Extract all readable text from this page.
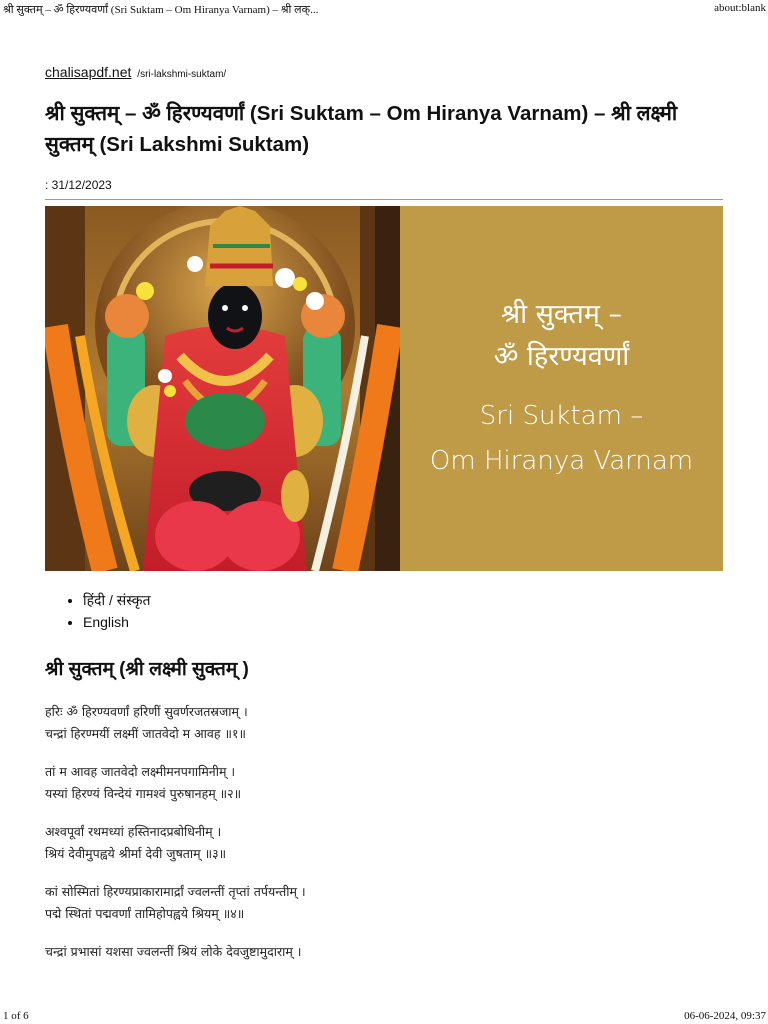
श्री सुक्तम् – ॐ हिरण्यवर्णां (Sri Suktam – Om Hiranya Varnam) – श्री लक्...	about:blank
chalisapdf.net /sri-lakshmi-suktam/
श्री सुक्तम् – ॐ हिरण्यवर्णां (Sri Suktam – Om Hiranya Varnam) – श्री लक्ष्मी सुक्तम् (Sri Lakshmi Suktam)
: 31/12/2023
श्री सुक्तम् –
ॐ हिरण्यवर्णां
Sri Suktam –
Om Hiranya Varnam
• हिंदी / संस्कृत
• English
श्री सुक्तम् (श्री लक्ष्मी सुक्तम् )
हरिः ॐ हिरण्यवर्णां हरिणीं सुवर्णरजतस्रजाम् ।
चन्द्रां हिरण्मयीं लक्ष्मीं जातवेदो म आवह ॥१॥
तां म आवह जातवेदो लक्ष्मीमनपगामिनीम् ।
यस्यां हिरण्यं विन्देयं गामश्वं पुरुषानहम् ॥२॥
अश्वपूर्वां रथमध्यां हस्तिनादप्रबोधिनीम् ।
श्रियं देवीमुपह्वये श्रीर्मा देवी जुषताम् ॥३॥
कां सोस्मितां हिरण्यप्राकारामार्द्रां ज्वलन्तीं तृप्तां तर्पयन्तीम् ।
पद्मे स्थितां पद्मवर्णां तामिहोपह्वये श्रियम् ॥४॥
चन्द्रां प्रभासां यशसा ज्वलन्तीं श्रियं लोके देवजुष्टामुदाराम् ।
1 of 6	06-06-2024, 09:37
